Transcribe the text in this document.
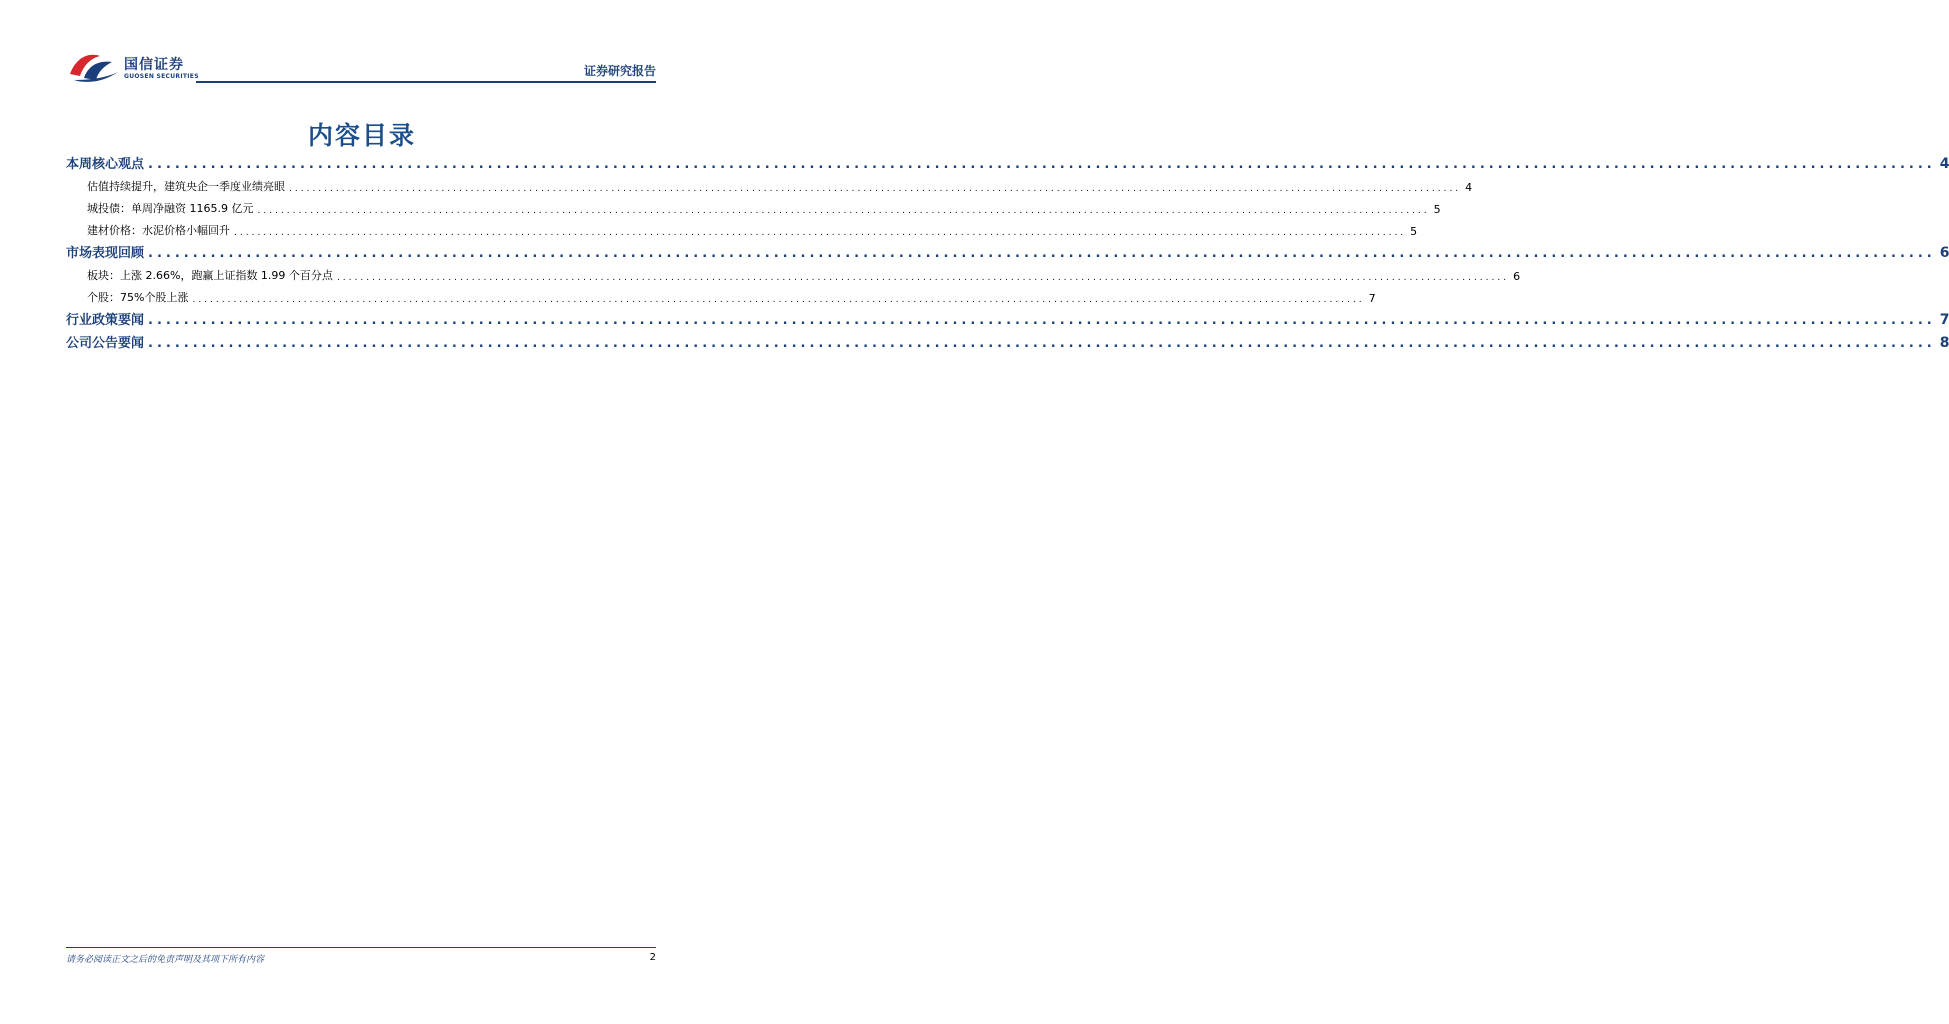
国信证券
GUOSEN SECURITIES	证券研究报告
内容目录
本周核心观点 ........................................................................................................................................................................................................ 4
估值持续提升，建筑央企一季度业绩亮眼 ........................................................................................................................................................................................................ 4
城投债：单周净融资 1165.9 亿元 ........................................................................................................................................................................................................ 5
建材价格：水泥价格小幅回升 ........................................................................................................................................................................................................ 5
市场表现回顾 ........................................................................................................................................................................................................ 6
板块：上涨 2.66%，跑赢上证指数 1.99 个百分点 ........................................................................................................................................................................................................ 6
个股：75%个股上涨 ........................................................................................................................................................................................................ 7
行业政策要闻 ........................................................................................................................................................................................................ 7
公司公告要闻 ........................................................................................................................................................................................................ 8
请务必阅读正文之后的免责声明及其项下所有内容	2
